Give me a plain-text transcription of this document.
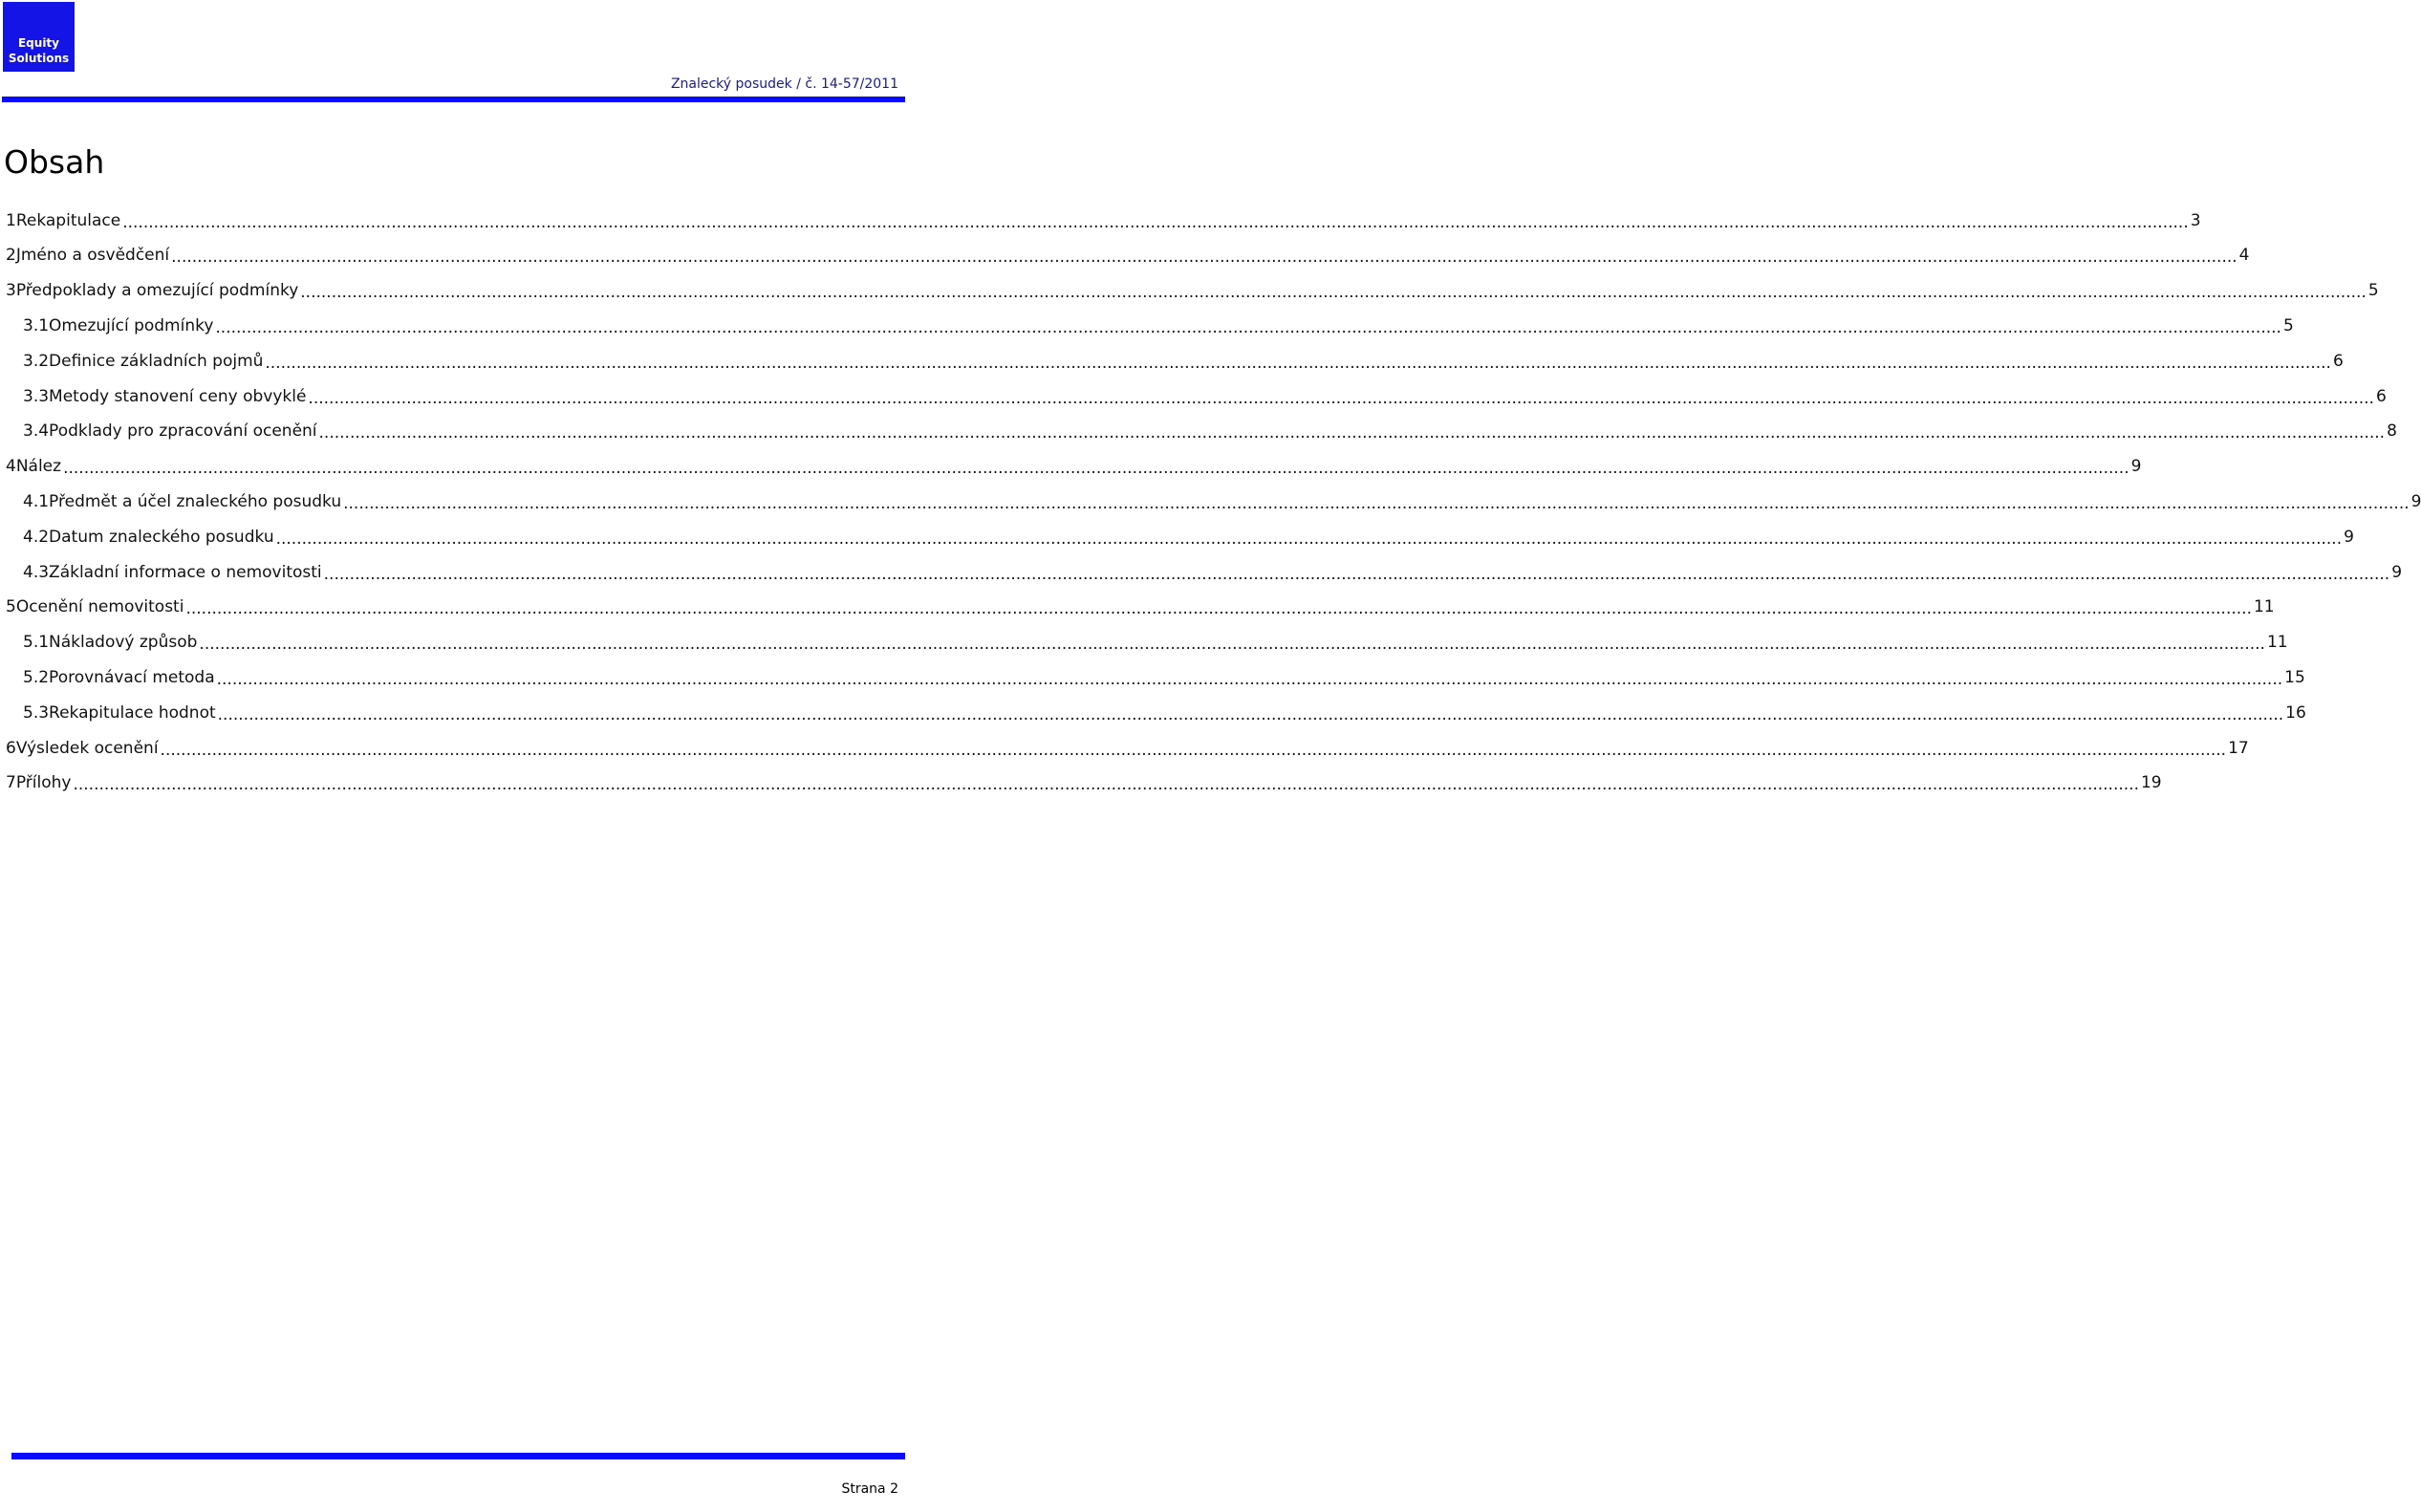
Equity
Solutions
Znalecký posudek / č. 14-57/2011
Obsah
1 Rekapitulace ................................................................................................................................................................................................................................................................................................................................................................................................................ 3
2 Jméno a osvědčení ................................................................................................................................................................................................................................................................................................................................................................................................................ 4
3 Předpoklady a omezující podmínky ................................................................................................................................................................................................................................................................................................................................................................................................................ 5
3.1 Omezující podmínky ................................................................................................................................................................................................................................................................................................................................................................................................................ 5
3.2 Definice základních pojmů ................................................................................................................................................................................................................................................................................................................................................................................................................ 6
3.3 Metody stanovení ceny obvyklé ................................................................................................................................................................................................................................................................................................................................................................................................................ 6
3.4 Podklady pro zpracování ocenění ................................................................................................................................................................................................................................................................................................................................................................................................................ 8
4 Nález ................................................................................................................................................................................................................................................................................................................................................................................................................ 9
4.1 Předmět a účel znaleckého posudku ................................................................................................................................................................................................................................................................................................................................................................................................................ 9
4.2 Datum znaleckého posudku ................................................................................................................................................................................................................................................................................................................................................................................................................ 9
4.3 Základní informace o nemovitosti ................................................................................................................................................................................................................................................................................................................................................................................................................ 9
5 Ocenění nemovitosti ................................................................................................................................................................................................................................................................................................................................................................................................................ 11
5.1 Nákladový způsob ................................................................................................................................................................................................................................................................................................................................................................................................................ 11
5.2 Porovnávací metoda ................................................................................................................................................................................................................................................................................................................................................................................................................ 15
5.3 Rekapitulace hodnot ................................................................................................................................................................................................................................................................................................................................................................................................................ 16
6 Výsledek ocenění ................................................................................................................................................................................................................................................................................................................................................................................................................ 17
7 Přílohy ................................................................................................................................................................................................................................................................................................................................................................................................................ 19
Strana 2
